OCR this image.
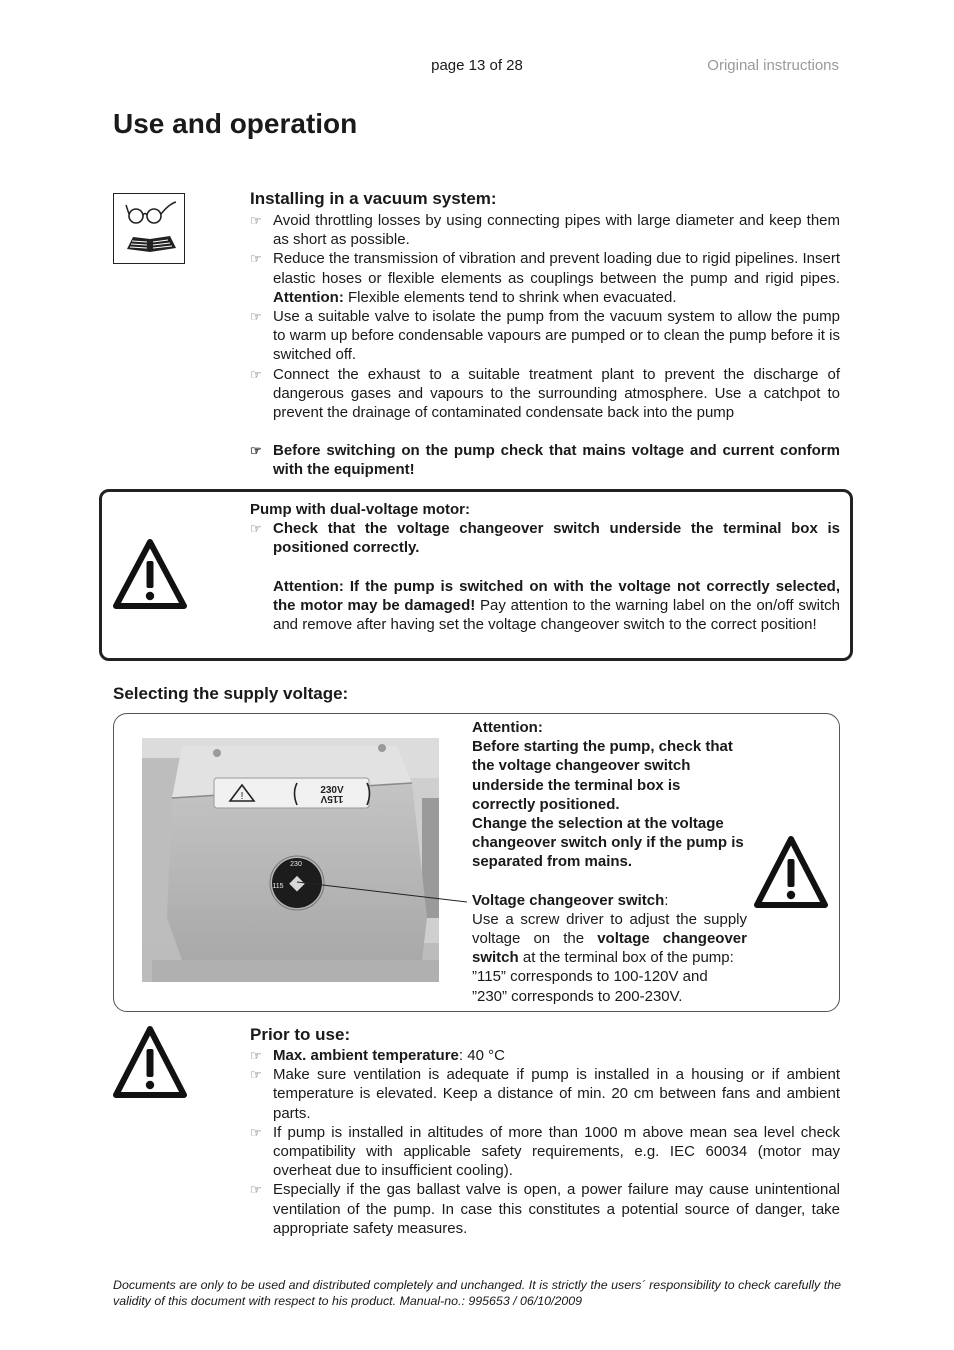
page 13 of 28	Original instructions
Use and operation
Installing in a vacuum system:
☞ Avoid throttling losses by using connecting pipes with large diameter and keep them as short as possible.
☞ Reduce the transmission of vibration and prevent loading due to rigid pipelines. Insert elastic hoses or flexible elements as couplings between the pump and rigid pipes. Attention: Flexible elements tend to shrink when evacuated.
☞ Use a suitable valve to isolate the pump from the vacuum system to allow the pump to warm up before condensable vapours are pumped or to clean the pump before it is switched off.
☞ Connect the exhaust to a suitable treatment plant to prevent the discharge of dangerous gases and vapours to the surrounding atmosphere. Use a catchpot to prevent the drainage of contaminated condensate back into the pump
☞ Before switching on the pump check that mains voltage and current conform with the equipment!
Pump with dual-voltage motor:
☞ Check that the voltage changeover switch underside the terminal box is positioned correctly.
Attention: If the pump is switched on with the voltage not correctly selected, the motor may be damaged! Pay attention to the warning label on the on/off switch and remove after having set the voltage changeover switch to the correct position!
Selecting the supply voltage:
!
230V
115V
230
115
Attention:
Before starting the pump, check that the voltage changeover switch underside the terminal box is correctly positioned.
Change the selection at the voltage changeover switch only if the pump is separated from mains.
Voltage changeover switch:
Use a screw driver to adjust the supply voltage on the voltage changeover switch at the terminal box of the pump:
”115” corresponds to 100-120V and
”230” corresponds to 200-230V.
Prior to use:
☞ Max. ambient temperature: 40 °C
☞ Make sure ventilation is adequate if pump is installed in a housing or if ambient temperature is elevated. Keep a distance of min. 20 cm between fans and ambient parts.
☞ If pump is installed in altitudes of more than 1000 m above mean sea level check compatibility with applicable safety requirements, e.g. IEC 60034 (motor may overheat due to insufficient cooling).
☞ Especially if the gas ballast valve is open, a power failure may cause unintentional ventilation of the pump. In case this constitutes a potential source of danger, take appropriate safety measures.
Documents are only to be used and distributed completely and unchanged. It is strictly the users´ responsibility to check carefully the validity of this document with respect to his product. Manual-no.: 995653 / 06/10/2009
